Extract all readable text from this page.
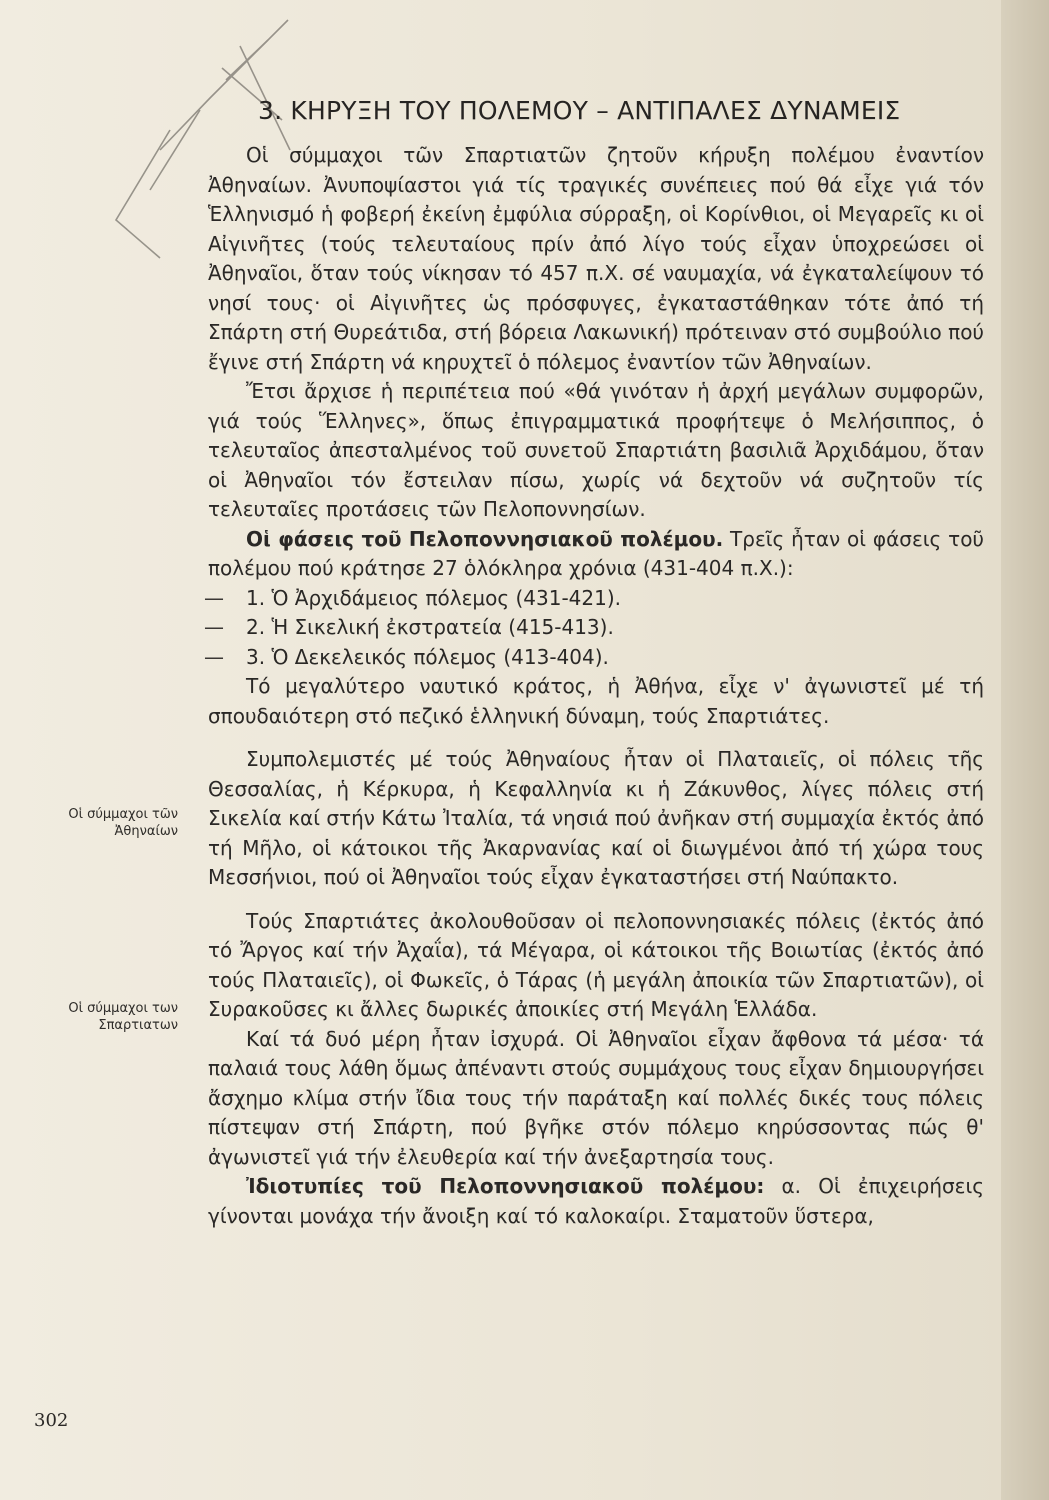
3. ΚΗΡΥΞΗ ΤΟΥ ΠΟΛΕΜΟΥ – ΑΝΤΙΠΑΛΕΣ ΔΥΝΑΜΕΙΣ

Οἱ σύμμαχοι τῶν Σπαρτιατῶν ζητοῦν κήρυξη πολέμου ἐναντίον Ἀθηναίων. Ἀνυποψίαστοι γιά τίς τραγικές συνέπειες πού θά εἶχε γιά τόν Ἑλληνισμό ἡ φοβερή ἐκείνη ἐμφύλια σύρραξη, οἱ Κορίνθιοι, οἱ Μεγαρεῖς κι οἱ Αἰγινῆτες (τούς τελευταίους πρίν ἀπό λίγο τούς εἶχαν ὑποχρεώσει οἱ Ἀθηναῖοι, ὅταν τούς νίκησαν τό 457 π.Χ. σέ ναυμαχία, νά ἐγκαταλείψουν τό νησί τους· οἱ Αἰγινῆτες ὡς πρόσφυγες, ἐγκαταστάθηκαν τότε ἀπό τή Σπάρτη στή Θυρεάτιδα, στή βόρεια Λακωνική) πρότειναν στό συμβούλιο πού ἔγινε στή Σπάρτη νά κηρυχτεῖ ὁ πόλεμος ἐναντίον τῶν Ἀθηναίων.

Ἔτσι ἄρχισε ἡ περιπέτεια πού «θά γινόταν ἡ ἀρχή μεγάλων συμφορῶν, γιά τούς Ἕλληνες», ὅπως ἐπιγραμματικά προφήτεψε ὁ Μελήσιππος, ὁ τελευταῖος ἀπεσταλμένος τοῦ συνετοῦ Σπαρτιάτη βασιλιᾶ Ἀρχιδάμου, ὅταν οἱ Ἀθηναῖοι τόν ἔστειλαν πίσω, χωρίς νά δεχτοῦν νά συζητοῦν τίς τελευταῖες προτάσεις τῶν Πελοποννησίων.

Οἱ φάσεις τοῦ Πελοποννησιακοῦ πολέμου. Τρεῖς ἦταν οἱ φάσεις τοῦ πολέμου πού κράτησε 27 ὁλόκληρα χρόνια (431-404 π.Χ.):

— 1. Ὁ Ἀρχιδάμειος πόλεμος (431-421).
— 2. Ἡ Σικελική ἐκστρατεία (415-413).
— 3. Ὁ Δεκελεικός πόλεμος (413-404).

Τό μεγαλύτερο ναυτικό κράτος, ἡ Ἀθήνα, εἶχε ν' ἀγωνιστεῖ μέ τή σπουδαιότερη στό πεζικό ἑλληνική δύναμη, τούς Σπαρτιάτες.

Συμπολεμιστές μέ τούς Ἀθηναίους ἦταν οἱ Πλαταιεῖς, οἱ πόλεις τῆς Θεσσαλίας, ἡ Κέρκυρα, ἡ Κεφαλληνία κι ἡ Ζάκυνθος, λίγες πόλεις στή Σικελία καί στήν Κάτω Ἰταλία, τά νησιά πού ἀνῆκαν στή συμμαχία ἐκτός ἀπό τή Μῆλο, οἱ κάτοικοι τῆς Ἀκαρνανίας καί οἱ διωγμένοι ἀπό τή χώρα τους Μεσσήνιοι, πού οἱ Ἀθηναῖοι τούς εἶχαν ἐγκαταστήσει στή Ναύπακτο.

Τούς Σπαρτιάτες ἀκολουθοῦσαν οἱ πελοποννησιακές πόλεις (ἐκτός ἀπό τό Ἄργος καί τήν Ἀχαΐα), τά Μέγαρα, οἱ κάτοικοι τῆς Βοιωτίας (ἐκτός ἀπό τούς Πλαταιεῖς), οἱ Φωκεῖς, ὁ Τάρας (ἡ μεγάλη ἀποικία τῶν Σπαρτιατῶν), οἱ Συρακοῦσες κι ἄλλες δωρικές ἀποικίες στή Μεγάλη Ἑλλάδα.

Καί τά δυό μέρη ἦταν ἰσχυρά. Οἱ Ἀθηναῖοι εἶχαν ἄφθονα τά μέσα· τά παλαιά τους λάθη ὅμως ἀπέναντι στούς συμμάχους τους εἶχαν δημιουργήσει ἄσχημο κλίμα στήν ἴδια τους τήν παράταξη καί πολλές δικές τους πόλεις πίστεψαν στή Σπάρτη, πού βγῆκε στόν πόλεμο κηρύσσοντας πώς θ' ἀγωνιστεῖ γιά τήν ἐλευθερία καί τήν ἀνεξαρτησία τους.

Ἰδιοτυπίες τοῦ Πελοποννησιακοῦ πολέμου: α. Οἱ ἐπιχειρήσεις γίνονται μονάχα τήν ἄνοιξη καί τό καλοκαίρι. Σταματοῦν ὕστερα,

Οἱ σύμμαχοι τῶν Ἀθηναίων
Οἱ σύμμαχοι των Σπαρτιατων
302
